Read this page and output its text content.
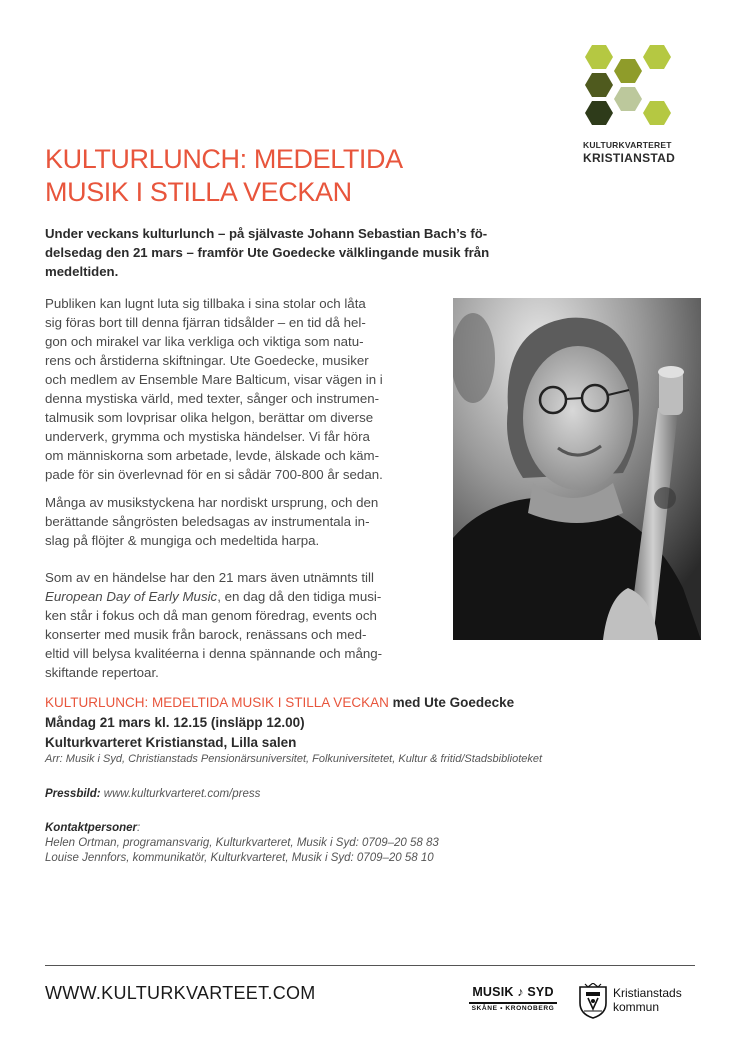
KULTURKVARTERET
KRISTIANSTAD
KULTURLUNCH: MEDELTIDA
MUSIK I STILLA VECKAN
Under veckans kulturlunch – på självaste Johann Sebastian Bach’s fö-
delsedag den 21 mars – framför Ute Goedecke välklingande musik från
medeltiden.
Publiken kan lugnt luta sig tillbaka i sina stolar och låta
sig föras bort till denna fjärran tidsålder – en tid då hel-
gon och mirakel var lika verkliga och viktiga som natu-
rens och årstiderna skiftningar. Ute Goedecke, musiker
och medlem av Ensemble Mare Balticum, visar vägen in i
denna mystiska värld, med texter, sånger och instrumen-
talmusik som lovprisar olika helgon, berättar om diverse
underverk, grymma och mystiska händelser. Vi får höra
om människorna som arbetade, levde, älskade och käm-
pade för sin överlevnad för en si sådär 700-800 år sedan.
Många av musikstyckena har nordiskt ursprung, och den
berättande sångrösten beledsagas av instrumentala in-
slag på flöjter & mungiga och medeltida harpa.
Som av en händelse har den 21 mars även utnämnts till
European Day of Early Music, en dag då den tidiga musi-
ken står i fokus och då man genom föredrag, events och
konserter med musik från barock, renässans och med-
eltid vill belysa kvalitéerna i denna spännande och mång-
skiftande repertoar.
KULTURLUNCH: MEDELTIDA MUSIK I STILLA VECKAN med Ute Goedecke
Måndag 21 mars kl. 12.15 (insläpp 12.00)
Kulturkvarteret Kristianstad, Lilla salen
Arr: Musik i Syd, Christianstads Pensionärsuniversitet, Folkuniversitetet, Kultur & fritid/Stadsbiblioteket
Pressbild: www.kulturkvarteret.com/press
Kontaktpersoner:
Helen Ortman, programansvarig, Kulturkvarteret, Musik i Syd: 0709–20 58 83
Louise Jennfors, kommunikatör, Kulturkvarteret, Musik i Syd: 0709–20 58 10
WWW.KULTURKVARTEET.COM	MUSIK ♪ SYD
SKÅNE • KRONOBERG
Kristianstads
kommun
